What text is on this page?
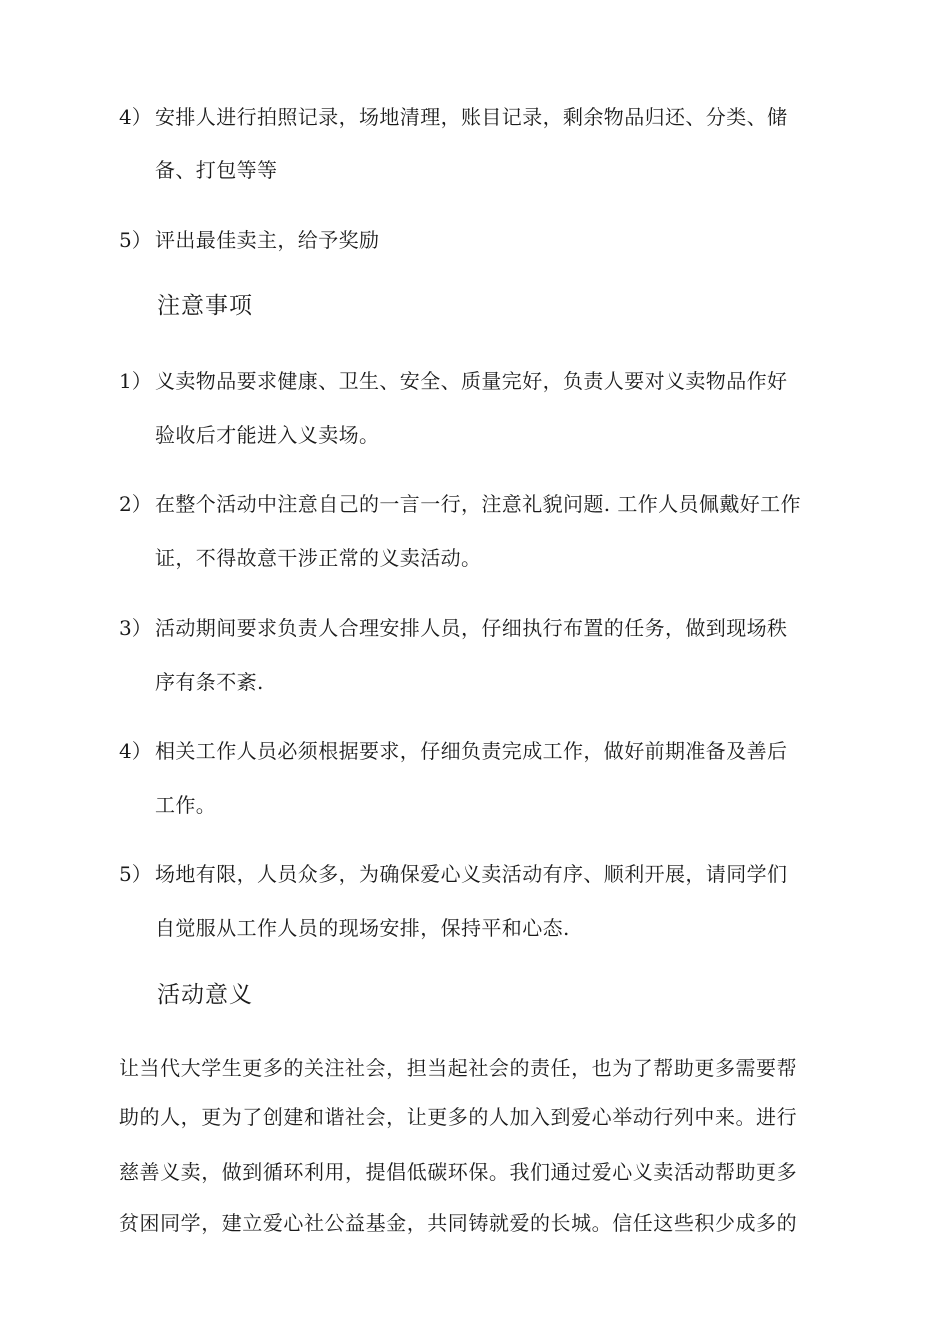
4） 安排人进行拍照记录，场地清理，账目记录，剩余物品归还、分类、储
备、打包等等
5） 评出最佳卖主，给予奖励
注意事项
1） 义卖物品要求健康、卫生、安全、质量完好，负责人要对义卖物品作好
验收后才能进入义卖场。
2） 在整个活动中注意自己的一言一行，注意礼貌问题. 工作人员佩戴好工作
证，不得故意干涉正常的义卖活动。
3） 活动期间要求负责人合理安排人员，仔细执行布置的任务，做到现场秩
序有条不紊.
4） 相关工作人员必须根据要求，仔细负责完成工作，做好前期准备及善后
工作。
5） 场地有限，人员众多，为确保爱心义卖活动有序、顺利开展，请同学们
自觉服从工作人员的现场安排，保持平和心态.
活动意义
让当代大学生更多的关注社会，担当起社会的责任，也为了帮助更多需要帮
助的人，更为了创建和谐社会，让更多的人加入到爱心举动行列中来。进行
慈善义卖，做到循环利用，提倡低碳环保。我们通过爱心义卖活动帮助更多
贫困同学，建立爱心社公益基金，共同铸就爱的长城。信任这些积少成多的
